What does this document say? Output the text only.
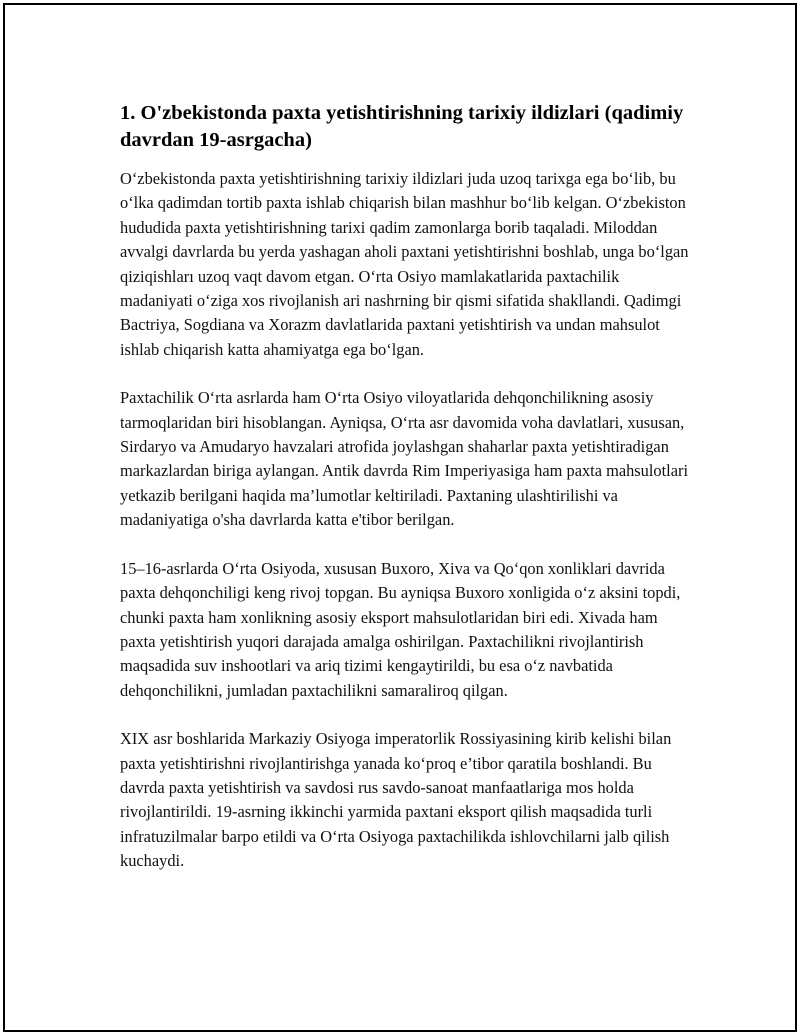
1. O'zbekistonda paxta yetishtirishning tarixiy ildizlari (qadimiy davrdan 19-asrgacha)

O‘zbekistonda paxta yetishtirishning tarixiy ildizlari juda uzoq tarixga ega bo‘lib, bu o‘lka qadimdan tortib paxta ishlab chiqarish bilan mashhur bo‘lib kelgan. O‘zbekiston hududida paxta yetishtirishning tarixi qadim zamonlarga borib taqaladi. Miloddan avvalgi davrlarda bu yerda yashagan aholi paxtani yetishtirishni boshlab, unga bo‘lgan qiziqishları uzoq vaqt davom etgan. O‘rta Osiyo mamlakatlarida paxtachilik madaniyati o‘ziga xos rivojlanish ari nashrning bir qismi sifatida shakllandi. Qadimgi Bactriya, Sogdiana va Xorazm davlatlarida paxtani yetishtirish va undan mahsulot ishlab chiqarish katta ahamiyatga ega bo‘lgan.

Paxtachilik O‘rta asrlarda ham O‘rta Osiyo viloyatlarida dehqonchilikning asosiy tarmoqlaridan biri hisoblangan. Ayniqsa, O‘rta asr davomida voha davlatlari, xususan, Sirdaryo va Amudaryo havzalari atrofida joylashgan shaharlar paxta yetishtiradigan markazlardan biriga aylangan. Antik davrda Rim Imperiyasiga ham paxta mahsulotlari yetkazib berilgani haqida ma’lumotlar keltiriladi. Paxtaning ulashtirilishi va madaniyatiga o'sha davrlarda katta e'tibor berilgan.

15–16-asrlarda O‘rta Osiyoda, xususan Buxoro, Xiva va Qo‘qon xonliklari davrida paxta dehqonchiligi keng rivoj topgan. Bu ayniqsa Buxoro xonligida o‘z aksini topdi, chunki paxta ham xonlikning asosiy eksport mahsulotlaridan biri edi. Xivada ham paxta yetishtirish yuqori darajada amalga oshirilgan. Paxtachilikni rivojlantirish maqsadida suv inshootlari va ariq tizimi kengaytirildi, bu esa o‘z navbatida dehqonchilikni, jumladan paxtachilikni samaraliroq qilgan.

XIX asr boshlarida Markaziy Osiyoga imperatorlik Rossiyasining kirib kelishi bilan paxta yetishtirishni rivojlantirishga yanada ko‘proq e’tibor qaratila boshlandi. Bu davrda paxta yetishtirish va savdosi rus savdo-sanoat manfaatlariga mos holda rivojlantirildi. 19-asrning ikkinchi yarmida paxtani eksport qilish maqsadida turli infratuzilmalar barpo etildi va O‘rta Osiyoga paxtachilikda ishlovchilarni jalb qilish kuchaydi.
